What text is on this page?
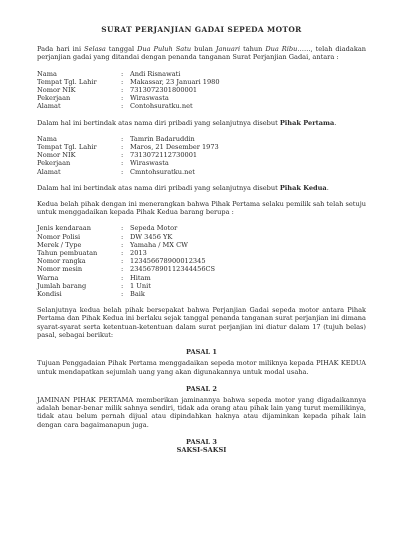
SURAT PERJANJIAN GADAI SEPEDA MOTOR

Pada hari ini Selasa tanggal Dua Puluh Satu bulan Januari tahun Dua Ribu……, telah diadakan perjanjian gadai yang ditandai dengan penanda tanganan Surat Perjanjian Gadai, antara :

Nama	:	Andi Risnawati
Tempat Tgl. Lahir	:	Makassar, 23 Januari 1980
Nomor NIK	:	7313072301800001
Pekerjaan	:	Wiraswasta
Alamat	:	Contohsuratku.net

Dalam hal ini bertindak atas nama diri pribadi yang selanjutnya disebut Pihak Pertama.

Nama	:	Tamrin Badaruddin
Tempat Tgl. Lahir	:	Maros, 21 Desember 1973
Nomor NIK	:	7313072112730001
Pekerjaan	:	Wiraswasta
Alamat	:	Cmntohsuratku.net

Dalam hal ini bertindak atas nama diri pribadi yang selanjutnya disebut Pihak Kedua.

Kedua belah pihak dengan ini menerangkan bahwa Pihak Pertama selaku pemilik sah telah setuju untuk menggadaikan kepada Pihak Kedua barang berupa :

Jenis kendaraan	:	Sepeda Motor
Nomor Polisi	:	DW 3456 YK
Merek / Type	:	Yamaha / MX CW
Tahun pembuatan	:	2013
Nomor rangka	:	123456678900012345
Nomor mesin	:	234567890112344456CS
Warna	:	Hitam
Jumlah barang	:	1 Unit
Kondisi	:	Baik

Selanjutnya kedua belah pihak bersepakat bahwa Perjanjian Gadai sepeda motor antara Pihak Pertama dan Pihak Kedua ini berlaku sejak tanggal penanda tanganan surat perjanjian ini dimana syarat-syarat serta ketentuan-ketentuan dalam surat perjanjian ini diatur dalam 17 (tujuh belas) pasal, sebagai berikut:

PASAL 1

Tujuan Penggadaian Pihak Pertama menggadaikan sepeda motor miliknya kepada PIHAK KEDUA untuk mendapatkan sejumlah uang yang akan digunakannya untuk modal usaha.

PASAL 2

JAMINAN PIHAK PERTAMA memberikan jaminannya bahwa sepeda motor yang digadaikannya adalah benar-benar milik sahnya sendiri, tidak ada orang atau pihak lain yang turut memilikinya, tidak atau belum pernah dijual atau dipindahkan haknya atau dijaminkan kepada pihak lain dengan cara bagaimanapun juga.

PASAL 3
SAKSI-SAKSI
